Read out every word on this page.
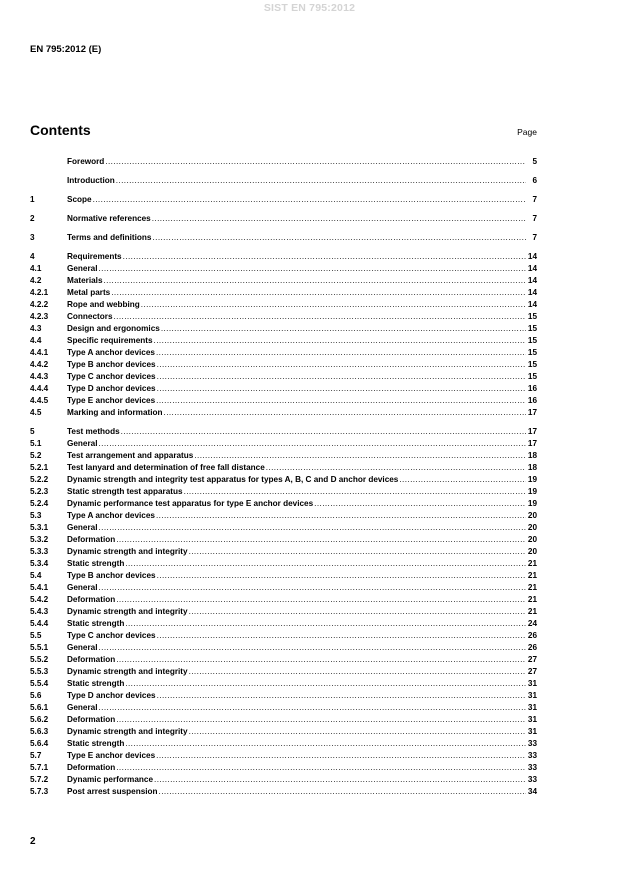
SIST EN 795:2012
EN 795:2012 (E)
Contents	Page
Foreword .....	5
Introduction .....	6
1	Scope .....	7
2	Normative references .....	7
3	Terms and definitions .....	7
4	Requirements .....	14
4.1	General .....	14
4.2	Materials .....	14
4.2.1	Metal parts .....	14
4.2.2	Rope and webbing .....	14
4.2.3	Connectors .....	15
4.3	Design and ergonomics .....	15
4.4	Specific requirements .....	15
4.4.1	Type A anchor devices .....	15
4.4.2	Type B anchor devices .....	15
4.4.3	Type C anchor devices .....	15
4.4.4	Type D anchor devices .....	16
4.4.5	Type E anchor devices .....	16
4.5	Marking and information .....	17
5	Test methods .....	17
5.1	General .....	17
5.2	Test arrangement and apparatus .....	18
5.2.1	Test lanyard and determination of free fall distance .....	18
5.2.2	Dynamic strength and integrity test apparatus for types A, B, C and D anchor devices .....	19
5.2.3	Static strength test apparatus .....	19
5.2.4	Dynamic performance test apparatus for type E anchor devices .....	19
5.3	Type A anchor devices .....	20
5.3.1	General .....	20
5.3.2	Deformation .....	20
5.3.3	Dynamic strength and integrity .....	20
5.3.4	Static strength .....	21
5.4	Type B anchor devices .....	21
5.4.1	General .....	21
5.4.2	Deformation .....	21
5.4.3	Dynamic strength and integrity .....	21
5.4.4	Static strength .....	24
5.5	Type C anchor devices .....	26
5.5.1	General .....	26
5.5.2	Deformation .....	27
5.5.3	Dynamic strength and integrity .....	27
5.5.4	Static strength .....	31
5.6	Type D anchor devices .....	31
5.6.1	General .....	31
5.6.2	Deformation .....	31
5.6.3	Dynamic strength and integrity .....	31
5.6.4	Static strength .....	33
5.7	Type E anchor devices .....	33
5.7.1	Deformation .....	33
5.7.2	Dynamic performance .....	33
5.7.3	Post arrest suspension .....	34
2
